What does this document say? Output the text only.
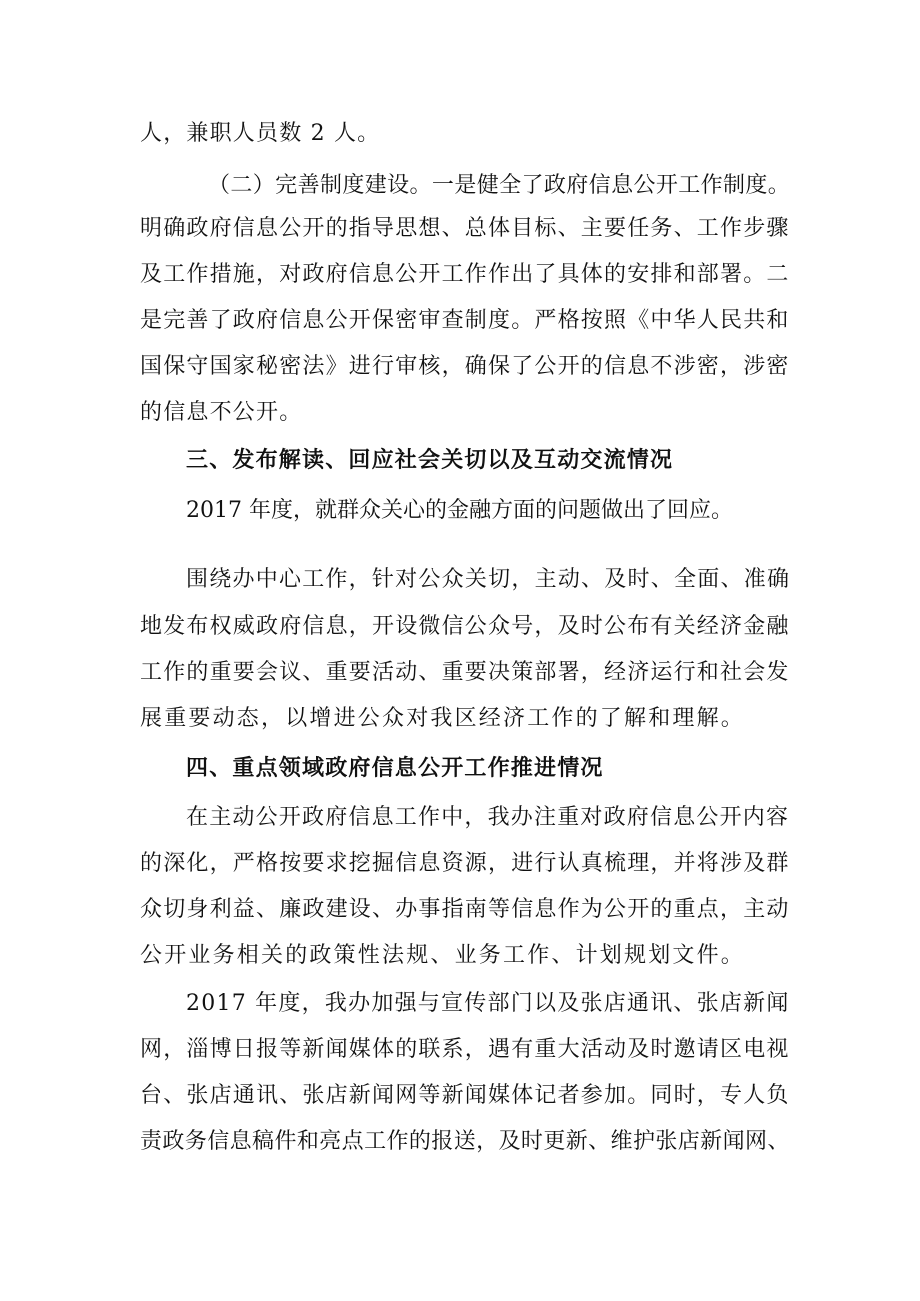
人，兼职人员数 2 人。

（二）完善制度建设。一是健全了政府信息公开工作制度。

明确政府信息公开的指导思想、总体目标、主要任务、工作步骤

及工作措施，对政府信息公开工作作出了具体的安排和部署。二

是完善了政府信息公开保密审查制度。严格按照《中华人民共和

国保守国家秘密法》进行审核，确保了公开的信息不涉密，涉密

的信息不公开。

三、发布解读、回应社会关切以及互动交流情况

2017 年度，就群众关心的金融方面的问题做出了回应。

围绕办中心工作，针对公众关切，主动、及时、全面、准确

地发布权威政府信息，开设微信公众号，及时公布有关经济金融

工作的重要会议、重要活动、重要决策部署，经济运行和社会发

展重要动态，以增进公众对我区经济工作的了解和理解。

四、重点领域政府信息公开工作推进情况

在主动公开政府信息工作中，我办注重对政府信息公开内容

的深化，严格按要求挖掘信息资源，进行认真梳理，并将涉及群

众切身利益、廉政建设、办事指南等信息作为公开的重点，主动

公开业务相关的政策性法规、业务工作、计划规划文件。

2017 年度，我办加强与宣传部门以及张店通讯、张店新闻

网，淄博日报等新闻媒体的联系，遇有重大活动及时邀请区电视

台、张店通讯、张店新闻网等新闻媒体记者参加。同时，专人负

责政务信息稿件和亮点工作的报送，及时更新、维护张店新闻网、
